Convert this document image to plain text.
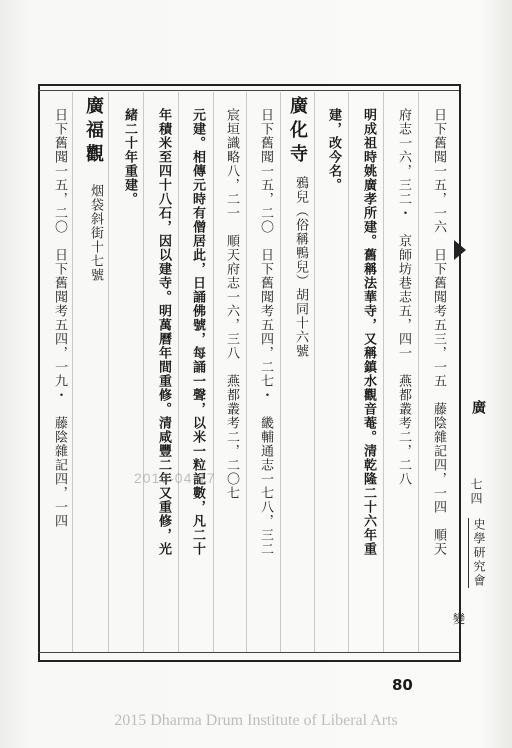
日下舊聞一五，一六　日下舊聞考五三，一五　藤陰雜記四，一四　順天
府志一六，三二・　京師坊巷志五，四一　燕都叢考二，二八
明成祖時姚廣孝所建。舊稱法華寺，又稱鎮水觀音菴。清乾隆二十六年重
建，改今名。
廣化寺
鴉兒（俗稱鴨兒）胡同十六號
日下舊聞一五，二〇　日下舊聞考五四，二七・　畿輔通志一七八，三二
宸垣識略八，二一　順天府志一六，三八　燕都叢考二，二〇七
元建。相傳元時有僧居此，日誦佛號，每誦一聲，以米一粒記數，凡二十
年積米至四十八石，因以建寺。明萬曆年間重修。清咸豐二年又重修，光
緒二十年重建。
廣福觀
烟袋斜街十七號
日下舊聞一五，二〇　日下舊聞考五四，一九・　藤陰雜記四，一四	廣
七四
史學研究會
變
2016-04-17
80
2015 Dharma Drum Institute of Liberal Arts
